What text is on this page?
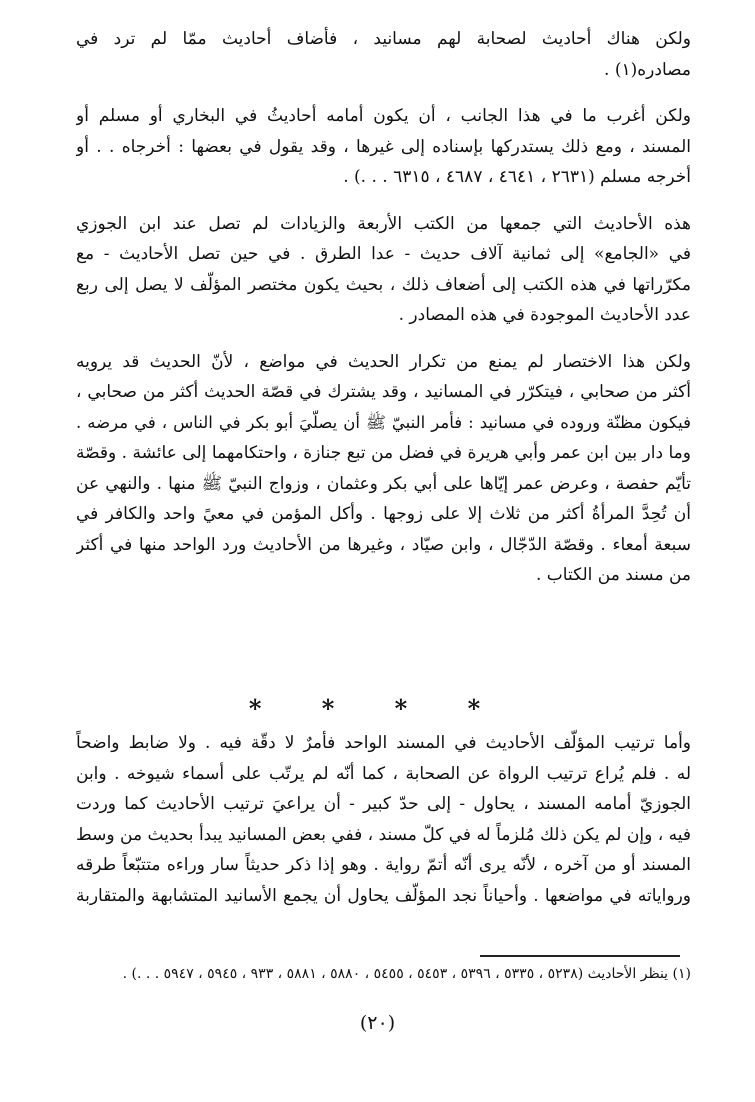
ولكن هناك أحاديث لصحابة لهم مسانيد ، فأضاف أحاديث ممّا لم ترد في
مصادره(١) .
ولكن أغرب ما في هذا الجانب ، أن يكون أمامه أحاديثُ في البخاري أو مسلم أو
المسند ، ومع ذلك يستدركها بإسناده إلى غيرها ، وقد يقول في بعضها : أخرجاه . . أو
أخرجه مسلم (٢٦٣١ ، ٤٦٤١ ، ٤٦٨٧ ، ٦٣١٥ . . .) .
هذه الأحاديث التي جمعها من الكتب الأربعة والزيادات لم تصل عند ابن الجوزي
في «الجامع» إلى ثمانية آلاف حديث - عدا الطرق . في حين تصل الأحاديث - مع
مكرّراتها في هذه الكتب إلى أضعاف ذلك ، بحيث يكون مختصر المؤلّف لا يصل إلى ربع
عدد الأحاديث الموجودة في هذه المصادر .
ولكن هذا الاختصار لم يمنع من تكرار الحديث في مواضع ، لأنّ الحديث قد يرويه
أكثر من صحابي ، فيتكرّر في المسانيد ، وقد يشترك في قصّة الحديث أكثر من صحابي ،
فيكون مظنّة وروده في مسانيد : فأمر النبيّ ﷺ أن يصلّيَ أبو بكر في الناس ، في مرضه .
وما دار بين ابن عمر وأبي هريرة في فضل من تبع جنازة ، واحتكامهما إلى عائشة . وقصّة
تأيّم حفصة ، وعرض عمر إيّاها على أبي بكر وعثمان ، وزواج النبيّ ﷺ منها . والنهي عن
أن تُحِدَّ المرأةُ أكثر من ثلاث إلا على زوجها . وأكل المؤمن في معيً واحد والكافر في
سبعة أمعاء . وقصّة الدّجّال ، وابن صيّاد ، وغيرها من الأحاديث ورد الواحد منها في أكثر
من مسند من الكتاب .
* * * *
وأما ترتيب المؤلّف الأحاديث في المسند الواحد فأمرٌ لا دقّة فيه . ولا ضابط واضحاً
له . فلم يُراع ترتيب الرواة عن الصحابة ، كما أنّه لم يرتّب على أسماء شيوخه . وابن
الجوزيّ أمامه المسند ، يحاول - إلى حدّ كبير - أن يراعيَ ترتيب الأحاديث كما وردت
فيه ، وإن لم يكن ذلك مُلزماً له في كلّ مسند ، ففي بعض المسانيد يبدأ بحديث من وسط
المسند أو من آخره ، لأنّه يرى أنّه أتمّ رواية . وهو إذا ذكر حديثاً سار وراءه متتبّعاً طرقه
ورواياته في مواضعها . وأحياناً نجد المؤلّف يحاول أن يجمع الأسانيد المتشابهة والمتقاربة
(١) ينظر الأحاديث (٥٢٣٨ ، ٥٣٣٥ ، ٥٣٩٦ ، ٥٤٥٣ ، ٥٤٥٥ ، ٥٨٨٠ ، ٥٨٨١ ، ٩٣٣ ، ٥٩٤٥ ، ٥٩٤٧ . . .) .
(٢٠)
